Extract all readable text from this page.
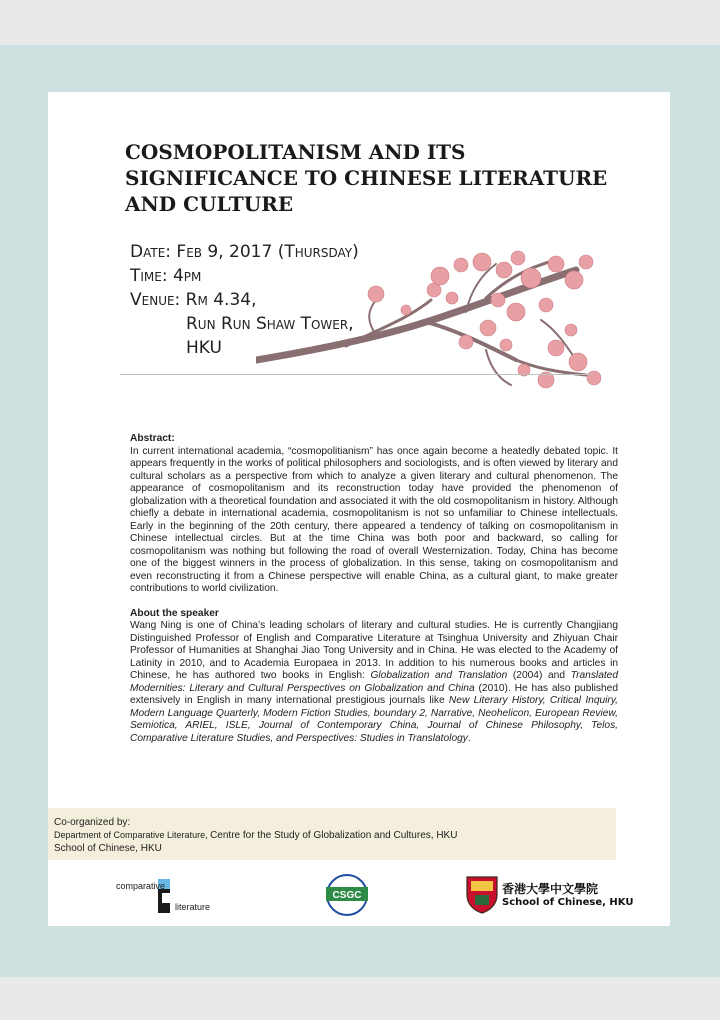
COSMOPOLITANISM AND ITS
SIGNIFICANCE TO CHINESE LITERATURE
AND CULTURE
Date: Feb 9, 2017 (Thursday)
Time: 4pm
Venue: Rm 4.34,
Run Run Shaw Tower,
HKU
Abstract:

In current international academia, “cosmopolitianism” has once again become a heatedly debated topic. It appears frequently in the works of political philosophers and sociologists, and is often viewed by literary and cultural scholars as a perspective from which to analyze a given literary and cultural phenomenon. The appearance of cosmopolitanism and its reconstruction today have provided the phenomenon of globalization with a theoretical foundation and associated it with the old cosmopolitanism in history. Although chiefly a debate in international academia, cosmopolitanism is not so unfamiliar to Chinese intellectuals. Early in the beginning of the 20th century, there appeared a tendency of talking on cosmopolitanism in Chinese intellectual circles. But at the time China was both poor and backward, so calling for cosmopolitanism was nothing but following the road of overall Westernization. Today, China has become one of the biggest winners in the process of globalization. In this sense, taking on cosmopolitanism and even reconstructing it from a Chinese perspective will enable China, as a cultural giant, to make greater contributions to world civilization.

About the speaker

Wang Ning is one of China’s leading scholars of literary and cultural studies. He is currently Changjiang Distinguished Professor of English and Comparative Literature at Tsinghua University and Zhiyuan Chair Professor of Humanities at Shanghai Jiao Tong University and in China. He was elected to the Academy of Latinity in 2010, and to Academia Europaea in 2013. In addition to his numerous books and articles in Chinese, he has authored two books in English: Globalization and Translation (2004) and Translated Modernities: Literary and Cultural Perspectives on Globalization and China (2010). He has also published extensively in English in many international prestigious journals like New Literary History, Critical Inquiry, Modern Language Quarterly, Modern Fiction Studies, boundary 2, Narrative, Neohelicon, European Review, Semiotica, ARIEL, ISLE, Journal of Contemporary China, Journal of Chinese Philosophy, Telos, Comparative Literature Studies, and Perspectives: Studies in Translatology.

Co-organized by:
Department of Comparative Literature, Centre for the Study of Globalization and Cultures, HKU
School of Chinese, HKU
comparative
literature
CSGC	香港大學中文學院
School of Chinese, HKU
